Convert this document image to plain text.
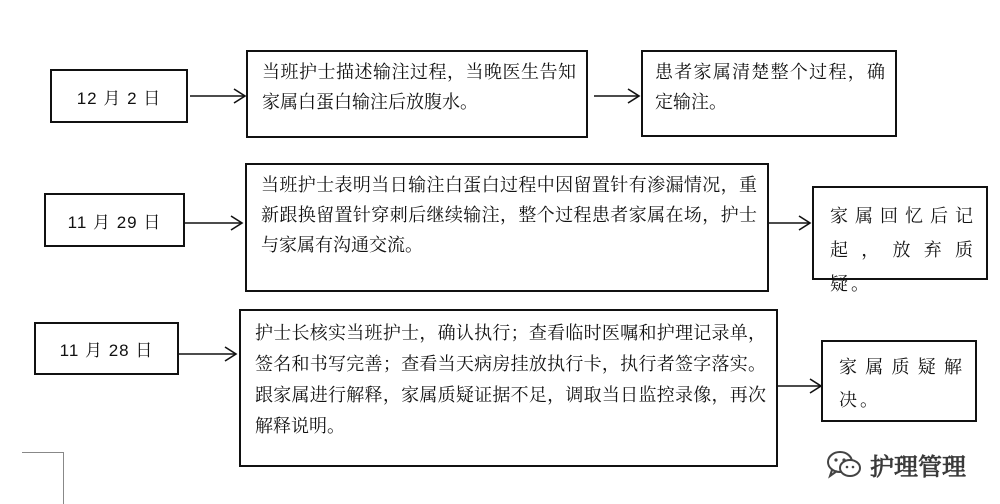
12 月 2 日
当班护士描述输注过程，当晚医生告知家属白蛋白输注后放腹水。
患者家属清楚整个过程，确定输注。
11 月 29 日
当班护士表明当日输注白蛋白过程中因留置针有渗漏情况，重新跟换留置针穿刺后继续输注，整个过程患者家属在场，护士与家属有沟通交流。
家属回忆后记起，放弃质疑。
11 月 28 日
护士长核实当班护士，确认执行；查看临时医嘱和护理记录单，签名和书写完善；查看当天病房挂放执行卡，执行者签字落实。跟家属进行解释，家属质疑证据不足，调取当日监控录像，再次解释说明。
家属质疑解决。
护理管理
